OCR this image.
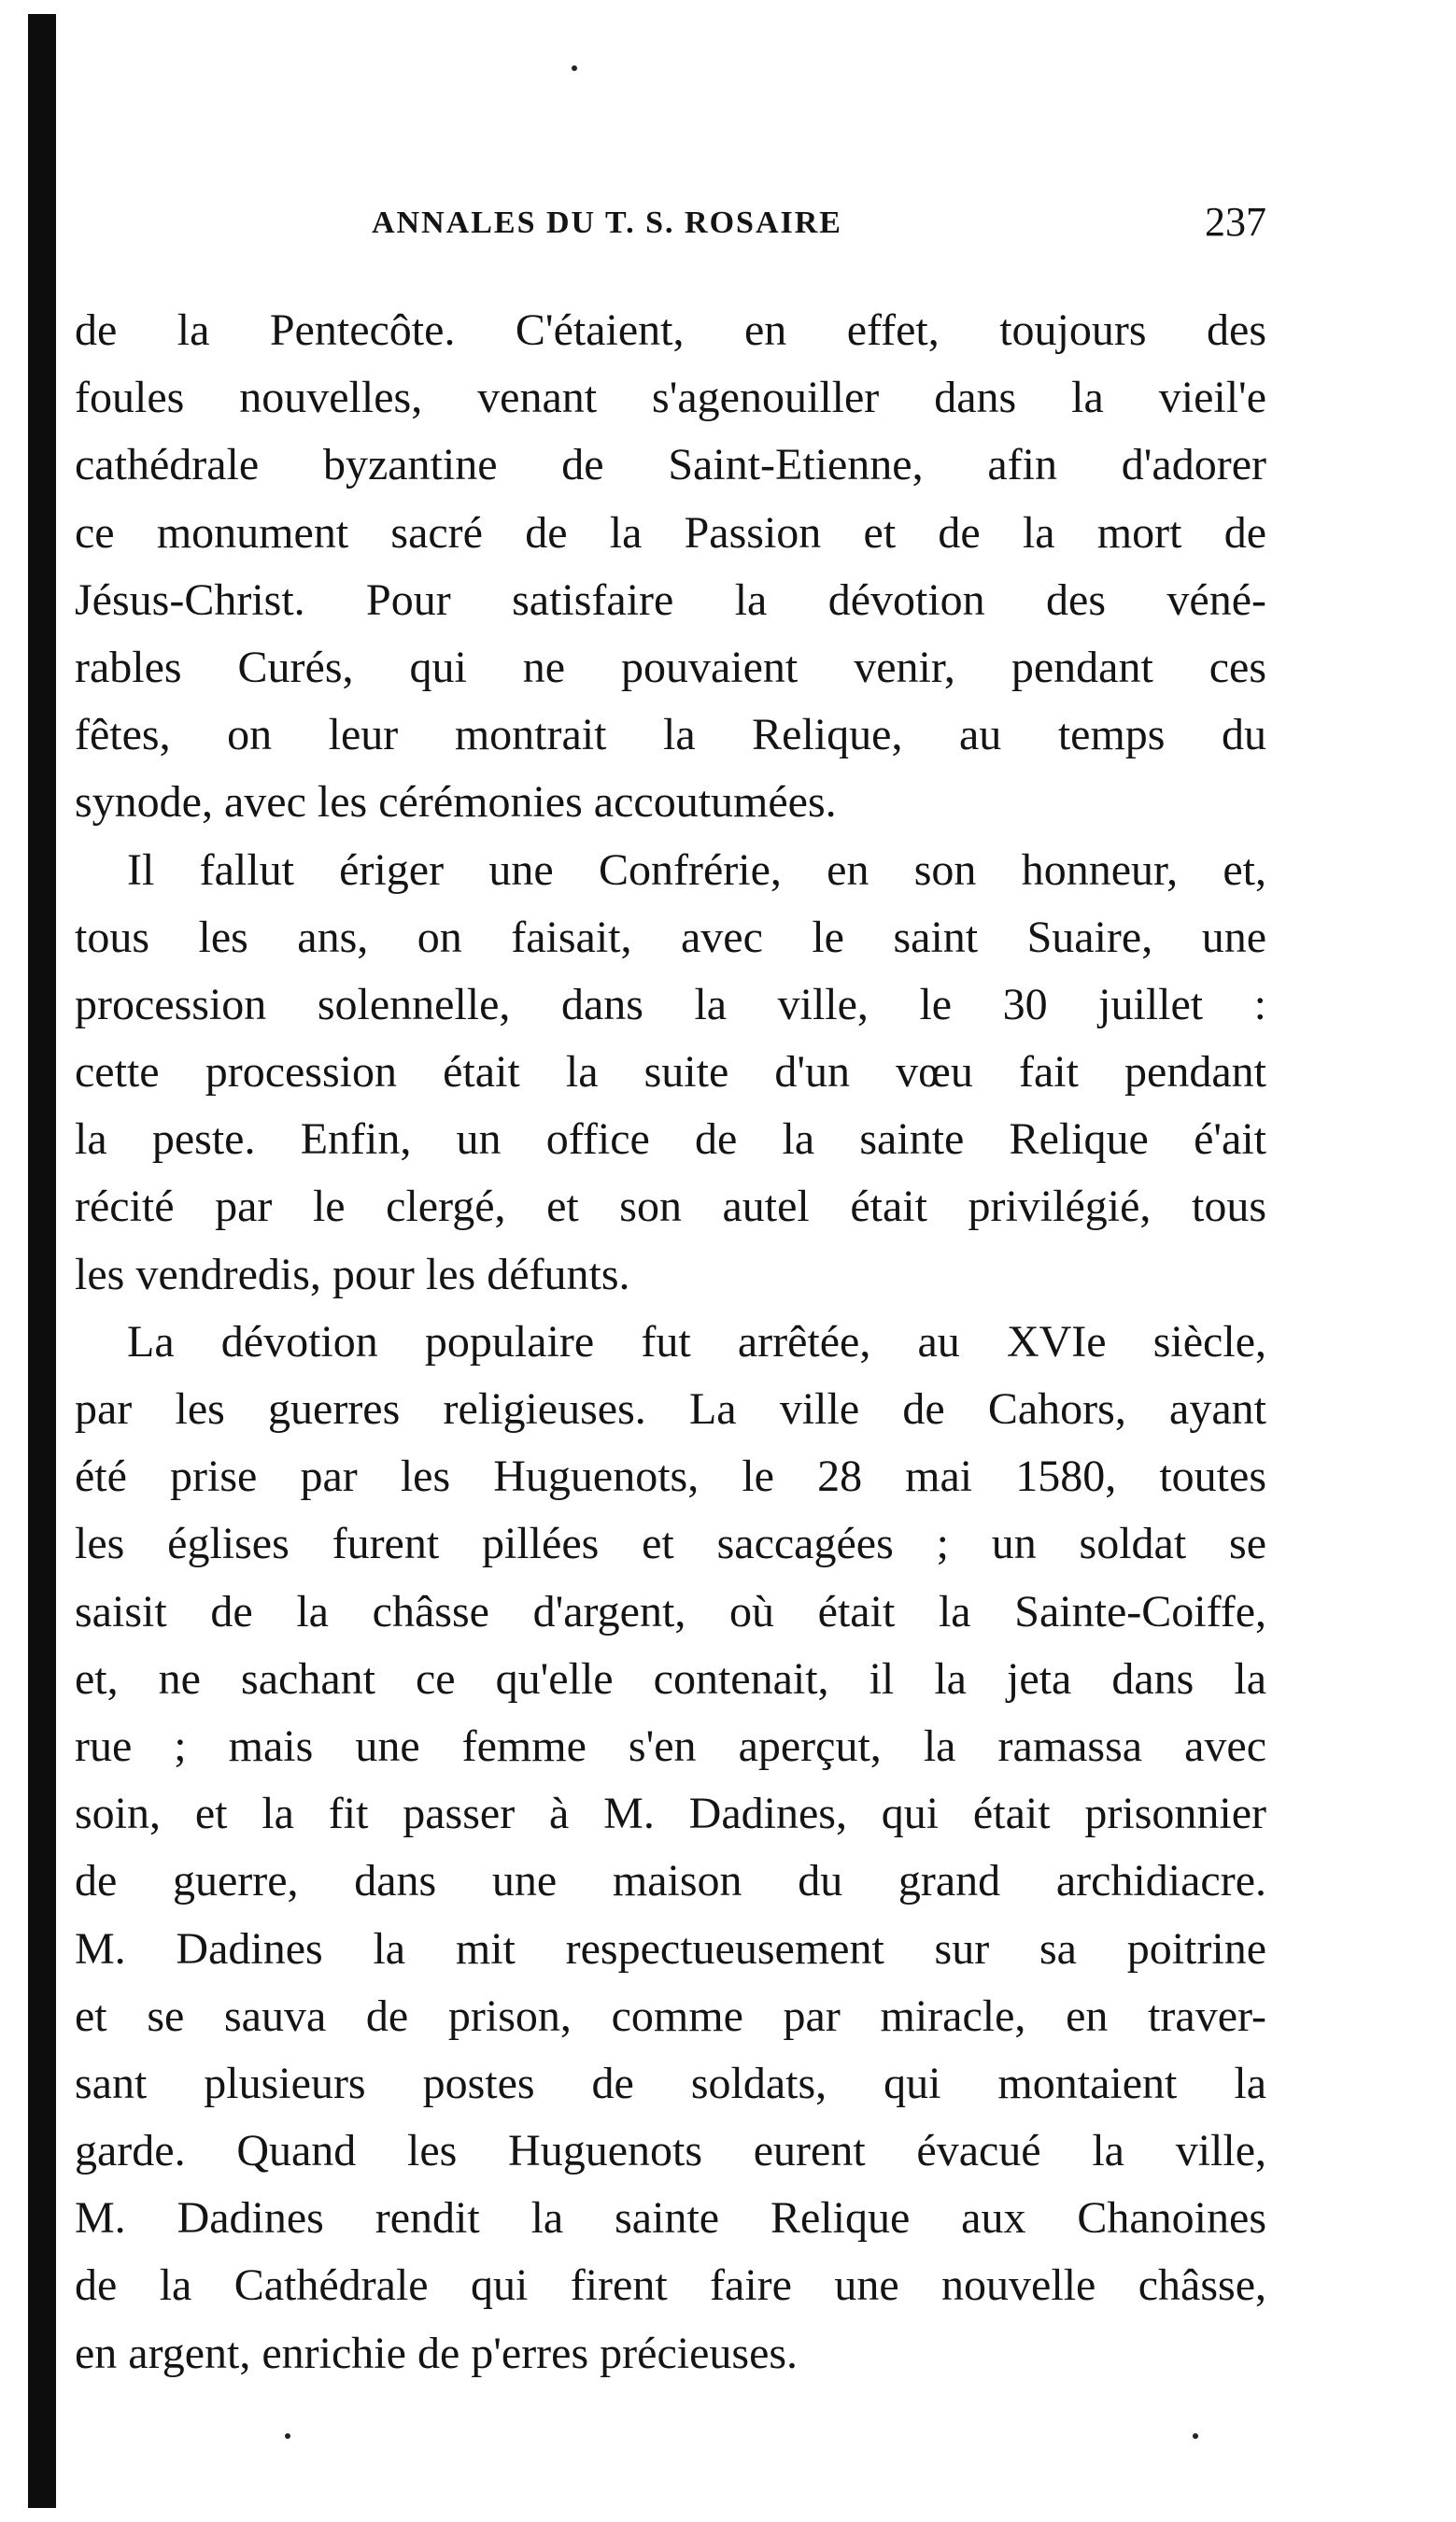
ANNALES DU T. S. ROSAIRE	237
de la Pentecôte. C'étaient, en effet, toujours des
foules nouvelles, venant s'agenouiller dans la vieil'e
cathédrale byzantine de Saint-Etienne, afin d'adorer
ce monument sacré de la Passion et de la mort de
Jésus-Christ. Pour satisfaire la dévotion des véné-
rables Curés, qui ne pouvaient venir, pendant ces
fêtes, on leur montrait la Relique, au temps du
synode, avec les cérémonies accoutumées.
Il fallut ériger une Confrérie, en son honneur, et,
tous les ans, on faisait, avec le saint Suaire, une
procession solennelle, dans la ville, le 30 juillet :
cette procession était la suite d'un vœu fait pendant
la peste. Enfin, un office de la sainte Relique é'ait
récité par le clergé, et son autel était privilégié, tous
les vendredis, pour les défunts.
La dévotion populaire fut arrêtée, au XVIe siècle,
par les guerres religieuses. La ville de Cahors, ayant
été prise par les Huguenots, le 28 mai 1580, toutes
les églises furent pillées et saccagées ; un soldat se
saisit de la châsse d'argent, où était la Sainte-Coiffe,
et, ne sachant ce qu'elle contenait, il la jeta dans la
rue ; mais une femme s'en aperçut, la ramassa avec
soin, et la fit passer à M. Dadines, qui était prisonnier
de guerre, dans une maison du grand archidiacre.
M. Dadines la mit respectueusement sur sa poitrine
et se sauva de prison, comme par miracle, en traver-
sant plusieurs postes de soldats, qui montaient la
garde. Quand les Huguenots eurent évacué la ville,
M. Dadines rendit la sainte Relique aux Chanoines
de la Cathédrale qui firent faire une nouvelle châsse,
en argent, enrichie de p'erres précieuses.
